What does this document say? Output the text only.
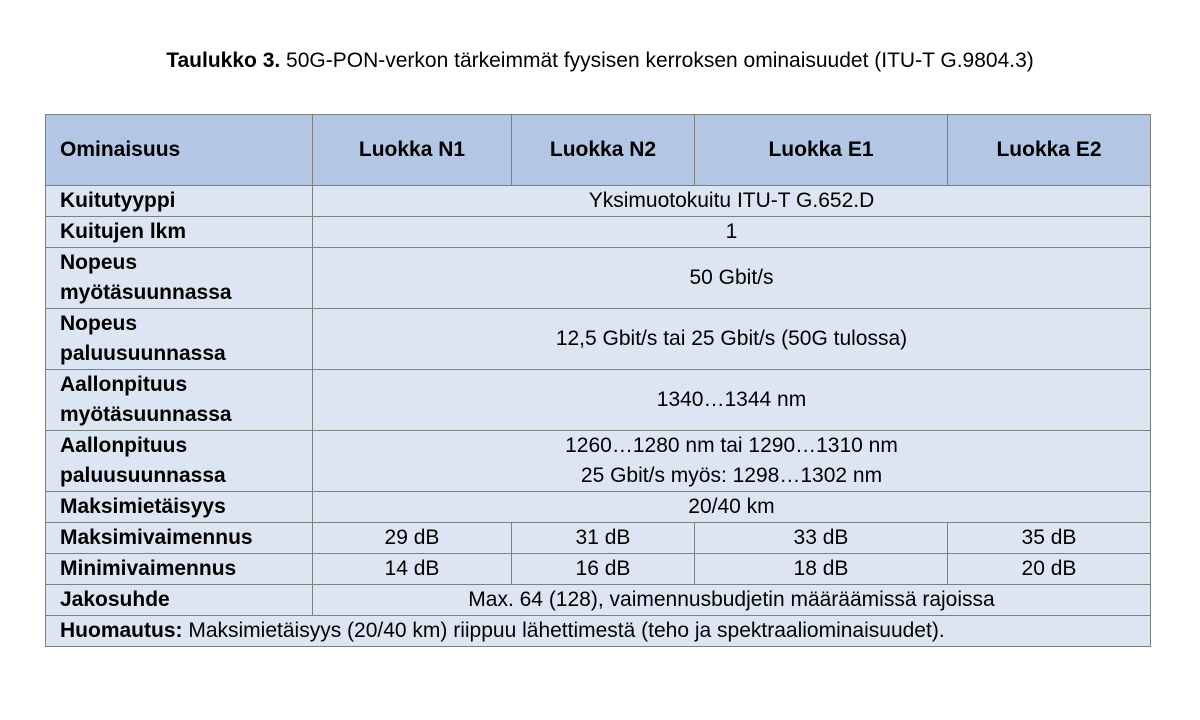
Taulukko 3. 50G-PON-verkon tärkeimmät fyysisen kerroksen ominaisuudet (ITU-T G.9804.3)
Ominaisuus	Luokka N1	Luokka N2	Luokka E1	Luokka E2
Kuitutyyppi	Yksimuotokuitu ITU-T G.652.D			
Kuitujen lkm	1			

Nopeus
myötäsuunnassa	50 Gbit/s			

Nopeus
paluusuunnassa	12,5 Gbit/s tai 25 Gbit/s (50G tulossa)			

Aallonpituus
myötäsuunnassa	1340…1344 nm			

Aallonpituus
paluusuunnassa	1260…1280 nm tai 1290…1310 nm
25 Gbit/s myös: 1298…1302 nm			

Maksimietäisyys	20/40 km			
Maksimivaimennus	29 dB	31 dB	33 dB	35 dB
Minimivaimennus	14 dB	16 dB	18 dB	20 dB
Jakosuhde	Max. 64 (128), vaimennusbudjetin määräämissä rajoissa			
Huomautus: Maksimietäisyys (20/40 km) riippuu lähettimestä (teho ja spektraaliominaisuudet).				
